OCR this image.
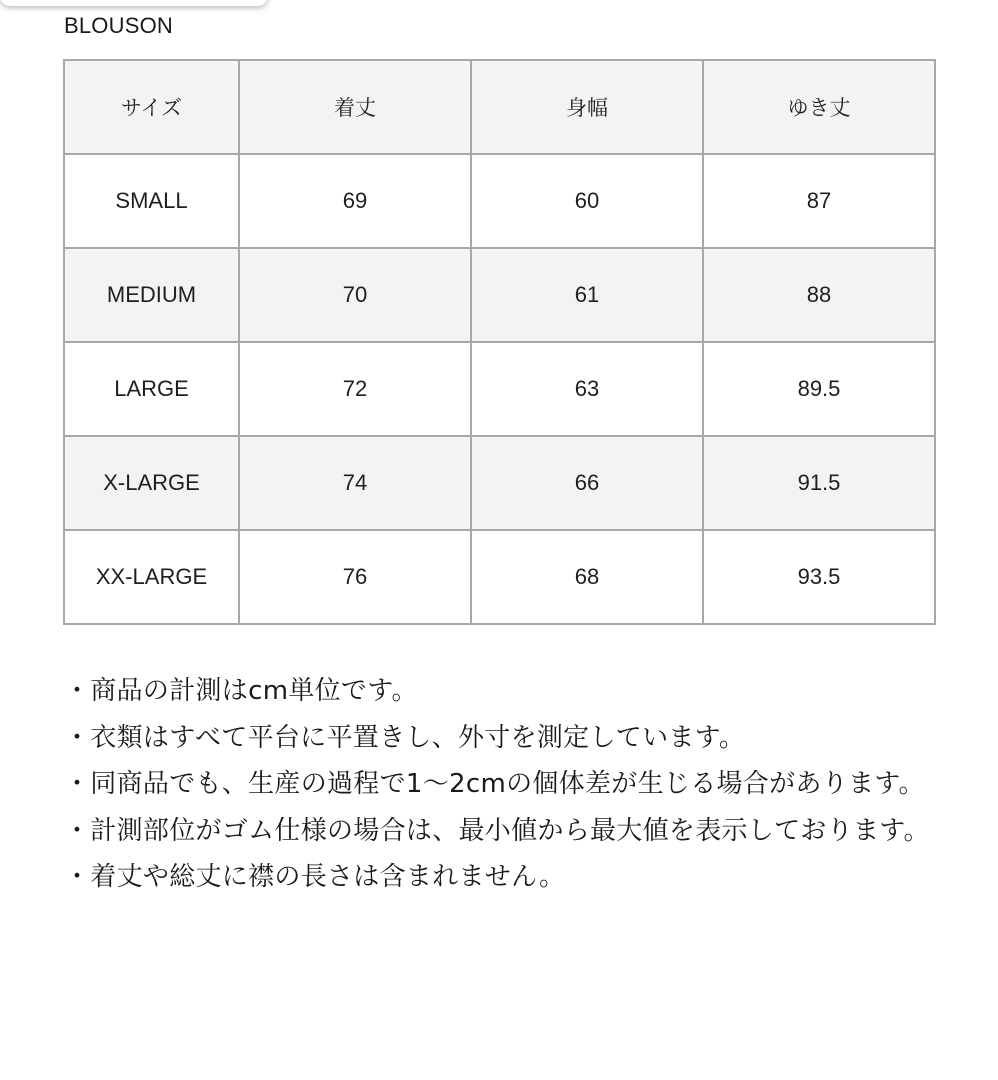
BLOUSON
サイズ	着丈	身幅	ゆき丈
SMALL	69	60	87
MEDIUM	70	61	88
LARGE	72	63	89.5
X-LARGE	74	66	91.5
XX-LARGE	76	68	93.5

・商品の計測はcm単位です。

・衣類はすべて平台に平置きし、外寸を測定しています。

・同商品でも、生産の過程で1〜2cmの個体差が生じる場合があります。

・計測部位がゴム仕様の場合は、最小値から最大値を表示しております。

・着丈や総丈に襟の長さは含まれません。
